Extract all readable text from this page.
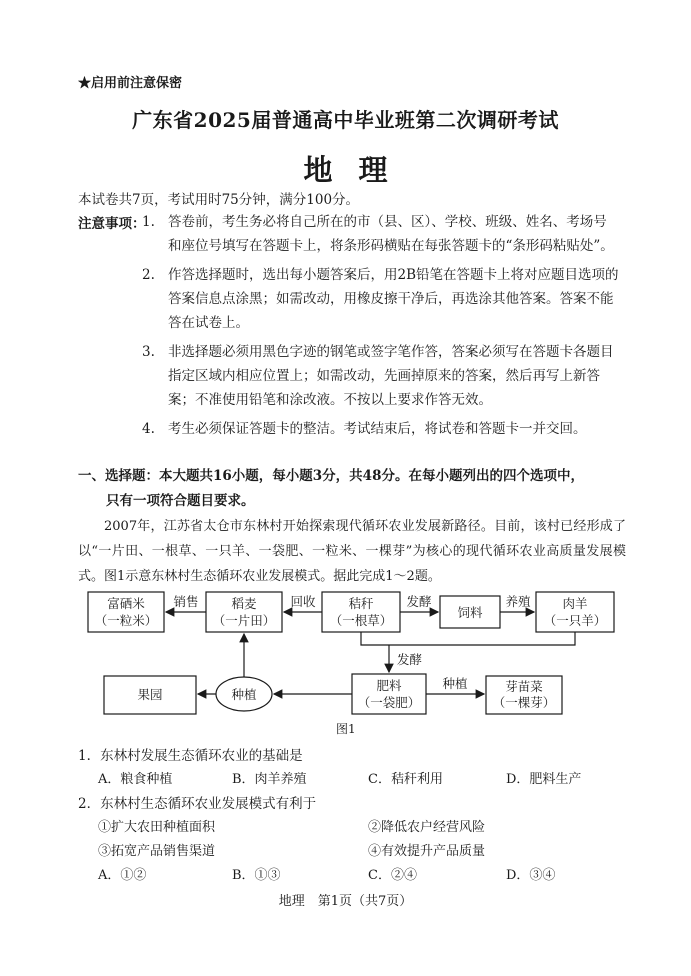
★启用前注意保密
广东省2025届普通高中毕业班第二次调研考试
地理
本试卷共7页，考试用时75分钟，满分100分。
注意事项：
1. 答卷前，考生务必将自己所在的市（县、区）、学校、班级、姓名、考场号和座位号填写在答题卡上，将条形码横贴在每张答题卡的“条形码粘贴处”。
2. 作答选择题时，选出每小题答案后，用2B铅笔在答题卡上将对应题目选项的答案信息点涂黑；如需改动，用橡皮擦干净后，再选涂其他答案。答案不能答在试卷上。
3. 非选择题必须用黑色字迹的钢笔或签字笔作答，答案必须写在答题卡各题目指定区域内相应位置上；如需改动，先画掉原来的答案，然后再写上新答案；不准使用铅笔和涂改液。不按以上要求作答无效。
4. 考生必须保证答题卡的整洁。考试结束后，将试卷和答题卡一并交回。
一、选择题：本大题共16小题，每小题3分，共48分。在每小题列出的四个选项中，
只有一项符合题目要求。
2007年，江苏省太仓市东林村开始探索现代循环农业发展新路径。目前，该村已经形成了以“一片田、一根草、一只羊、一袋肥、一粒米、一棵芽”为核心的现代循环农业高质量发展模式。图1示意东林村生态循环农业发展模式。据此完成1～2题。
富硒米
（一粒米）
稻麦
（一片田）
秸秆
（一根草）
饲料
肉羊
（一只羊）
果园	种植
肥料
（一袋肥）
芽苗菜
（一棵芽）
销售	回收	发酵	养殖
发酵
种植
图1
1．东林村发展生态循环农业的基础是
A．粮食种植	B．肉羊养殖	C．秸秆利用	D．肥料生产
2．东林村生态循环农业发展模式有利于
①扩大农田种植面积	②降低农户经营风险
③拓宽产品销售渠道	④有效提升产品质量
A．①②	B．①③	C．②④	D．③④
地理　第1页（共7页）
